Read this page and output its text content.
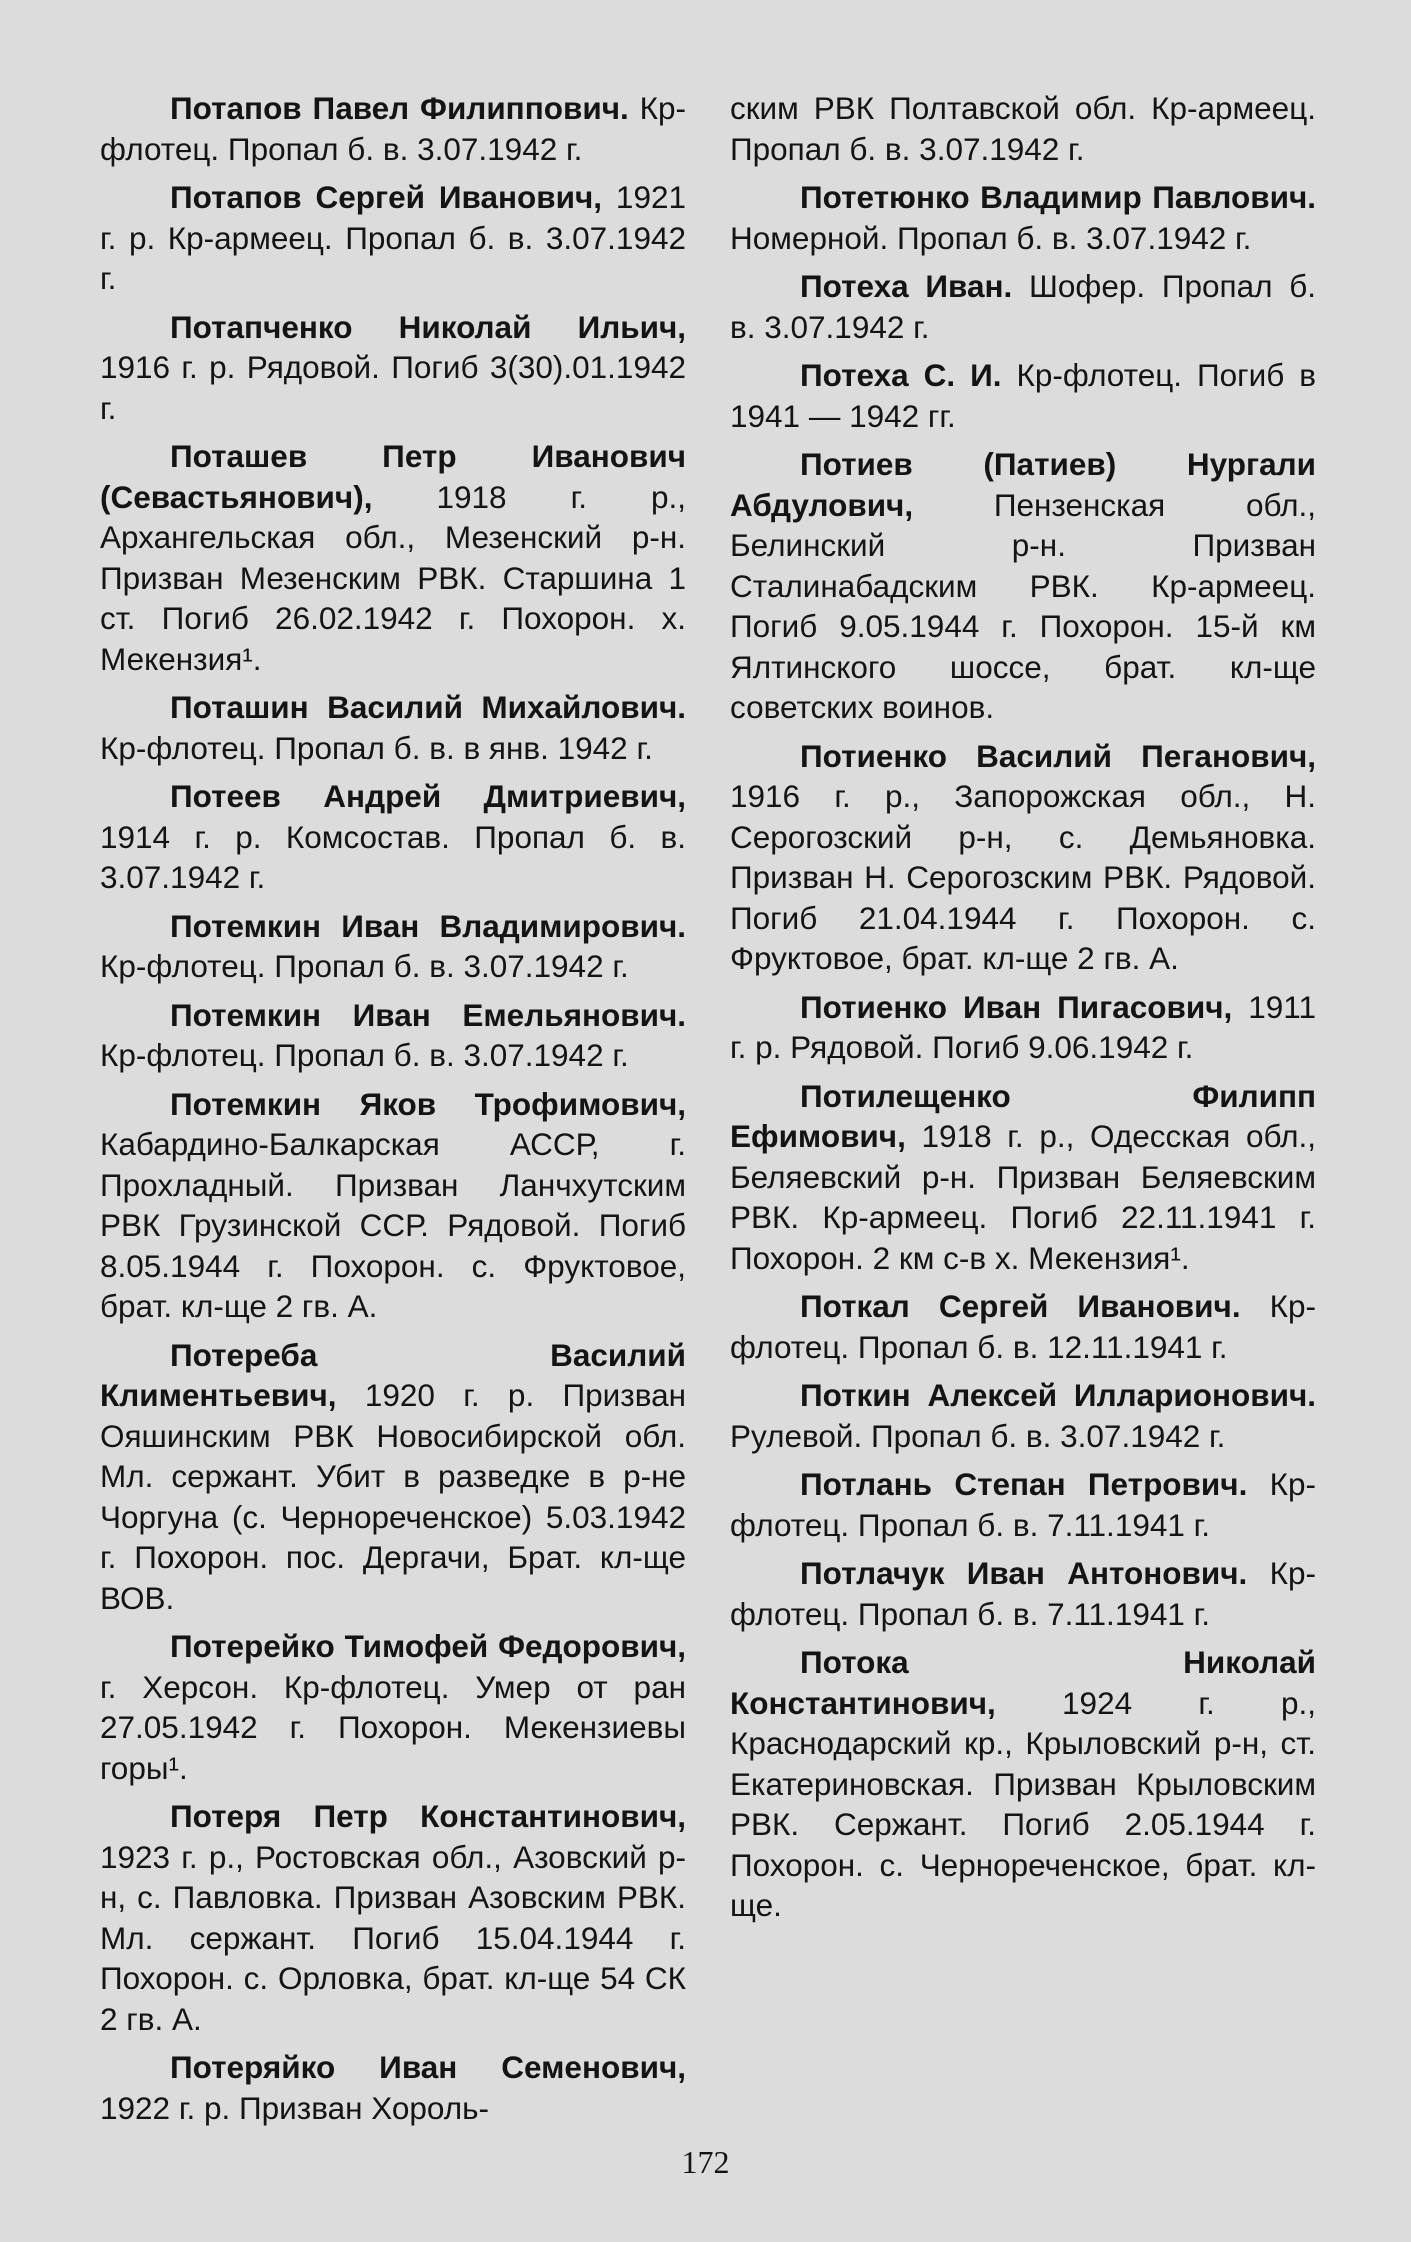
Потапов Павел Филиппович. Кр-флотец. Пропал б. в. 3.07.1942 г.

Потапов Сергей Иванович, 1921 г. р. Кр-армеец. Пропал б. в. 3.07.1942 г.

Потапченко Николай Ильич, 1916 г. р. Рядовой. Погиб 3(30).01.1942 г.

Поташев Петр Иванович (Севастьянович), 1918 г. р., Архангельская обл., Мезенский р-н. Призван Мезенским РВК. Старшина 1 ст. Погиб 26.02.1942 г. Похорон. х. Мекензия¹.

Поташин Василий Михайлович. Кр-флотец. Пропал б. в. в янв. 1942 г.

Потеев Андрей Дмитриевич, 1914 г. р. Комсостав. Пропал б. в. 3.07.1942 г.

Потемкин Иван Владимирович. Кр-флотец. Пропал б. в. 3.07.1942 г.

Потемкин Иван Емельянович. Кр-флотец. Пропал б. в. 3.07.1942 г.

Потемкин Яков Трофимович, Кабардино-Балкарская АССР, г. Прохладный. Призван Ланчхутским РВК Грузинской ССР. Рядовой. Погиб 8.05.1944 г. Похорон. с. Фруктовое, брат. кл-ще 2 гв. А.

Потереба Василий Климентьевич, 1920 г. р. Призван Ояшинским РВК Новосибирской обл. Мл. сержант. Убит в разведке в р-не Чоргуна (с. Чернореченское) 5.03.1942 г. Похорон. пос. Дергачи, Брат. кл-ще ВОВ.

Потерейко Тимофей Федорович, г. Херсон. Кр-флотец. Умер от ран 27.05.1942 г. Похорон. Мекензиевы горы¹.

Потеря Петр Константинович, 1923 г. р., Ростовская обл., Азовский р-н, с. Павловка. Призван Азовским РВК. Мл. сержант. Погиб 15.04.1944 г. Похорон. с. Орловка, брат. кл-ще 54 СК 2 гв. А.

Потеряйко Иван Семенович, 1922 г. р. Призван Хороль-

ским РВК Полтавской обл. Кр-армеец. Пропал б. в. 3.07.1942 г.

Потетюнко Владимир Павлович. Номерной. Пропал б. в. 3.07.1942 г.

Потеха Иван. Шофер. Пропал б. в. 3.07.1942 г.

Потеха С. И. Кр-флотец. Погиб в 1941 — 1942 гг.

Потиев (Патиев) Нургали Абдулович, Пензенская обл., Белинский р-н. Призван Сталинабадским РВК. Кр-армеец. Погиб 9.05.1944 г. Похорон. 15-й км Ялтинского шоссе, брат. кл-ще советских воинов.

Потиенко Василий Пеганович, 1916 г. р., Запорожская обл., Н. Серогозский р-н, с. Демьяновка. Призван Н. Серогозским РВК. Рядовой. Погиб 21.04.1944 г. Похорон. с. Фруктовое, брат. кл-ще 2 гв. А.

Потиенко Иван Пигасович, 1911 г. р. Рядовой. Погиб 9.06.1942 г.

Потилещенко Филипп Ефимович, 1918 г. р., Одесская обл., Беляевский р-н. Призван Беляевским РВК. Кр-армеец. Погиб 22.11.1941 г. Похорон. 2 км с-в х. Мекензия¹.

Поткал Сергей Иванович. Кр-флотец. Пропал б. в. 12.11.1941 г.

Поткин Алексей Илларионович. Рулевой. Пропал б. в. 3.07.1942 г.

Потлань Степан Петрович. Кр-флотец. Пропал б. в. 7.11.1941 г.

Потлачук Иван Антонович. Кр-флотец. Пропал б. в. 7.11.1941 г.

Потока Николай Константинович, 1924 г. р., Краснодарский кр., Крыловский р-н, ст. Екатериновская. Призван Крыловским РВК. Сержант. Погиб 2.05.1944 г. Похорон. с. Чернореченское, брат. кл-ще.

172
